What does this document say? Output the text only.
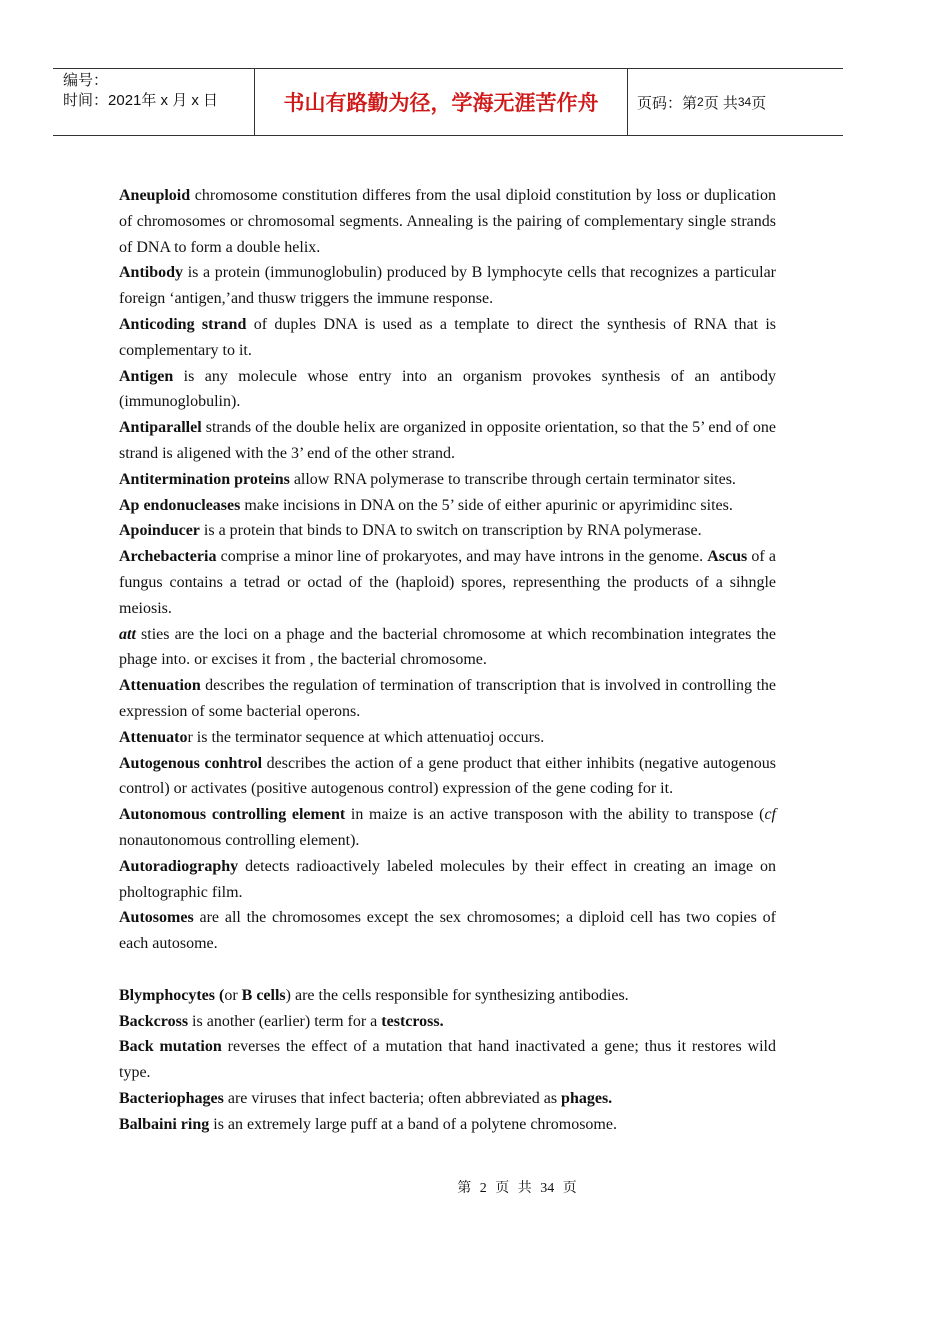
编号：
时间：2021年 x 月 x 日	书山有路勤为径，学海无涯苦作舟	页码：第 2 页 共 34 页

Aneuploid chromosome constitution differes from the usal diploid constitution by loss or duplication of chromosomes or chromosomal segments. Annealing is the pairing of complementary single strands of DNA to form a double helix.

Antibody is a protein (immunoglobulin) produced by B lymphocyte cells that recognizes a particular foreign ‘antigen,’and thusw triggers the immune response.

Anticoding strand of duples DNA is used as a template to direct the synthesis of RNA that is complementary to it.

Antigen is any molecule whose entry into an organism provokes synthesis of an antibody (immunoglobulin).

Antiparallel strands of the double helix are organized in opposite orientation, so that the 5’ end of one strand is aligened with the 3’ end of the other strand.

Antitermination proteins allow RNA polymerase to transcribe through certain terminator sites.

Ap endonucleases make incisions in DNA on the 5’ side of either apurinic or apyrimidinc sites.

Apoinducer is a protein that binds to DNA to switch on transcription by RNA polymerase.

Archebacteria comprise a minor line of prokaryotes, and may have introns in the genome. Ascus of a fungus contains a tetrad or octad of the (haploid) spores, representhing the products of a sihngle meiosis.

att sties are the loci on a phage and the bacterial chromosome at which recombination integrates the phage into. or excises it from , the bacterial chromosome.

Attenuation describes the regulation of termination of transcription that is involved in controlling the expression of some bacterial operons.

Attenuator is the terminator sequence at which attenuatioj occurs.

Autogenous conhtrol describes the action of a gene product that either inhibits (negative autogenous control) or activates (positive autogenous control) expression of the gene coding for it.

Autonomous controlling element in maize is an active transposon with the ability to transpose (cf nonautonomous controlling element).

Autoradiography detects radioactively labeled molecules by their effect in creating an image on pholtographic film.

Autosomes are all the chromosomes except the sex chromosomes; a diploid cell has two copies of each autosome.

Blymphocytes (or B cells) are the cells responsible for synthesizing antibodies.

Backcross is another (earlier) term for a testcross.

Back mutation reverses the effect of a mutation that hand inactivated a gene; thus it restores wild type.

Bacteriophages are viruses that infect bacteria; often abbreviated as phages.

Balbaini ring is an extremely large puff at a band of a polytene chromosome.

第 2 页 共 34 页
